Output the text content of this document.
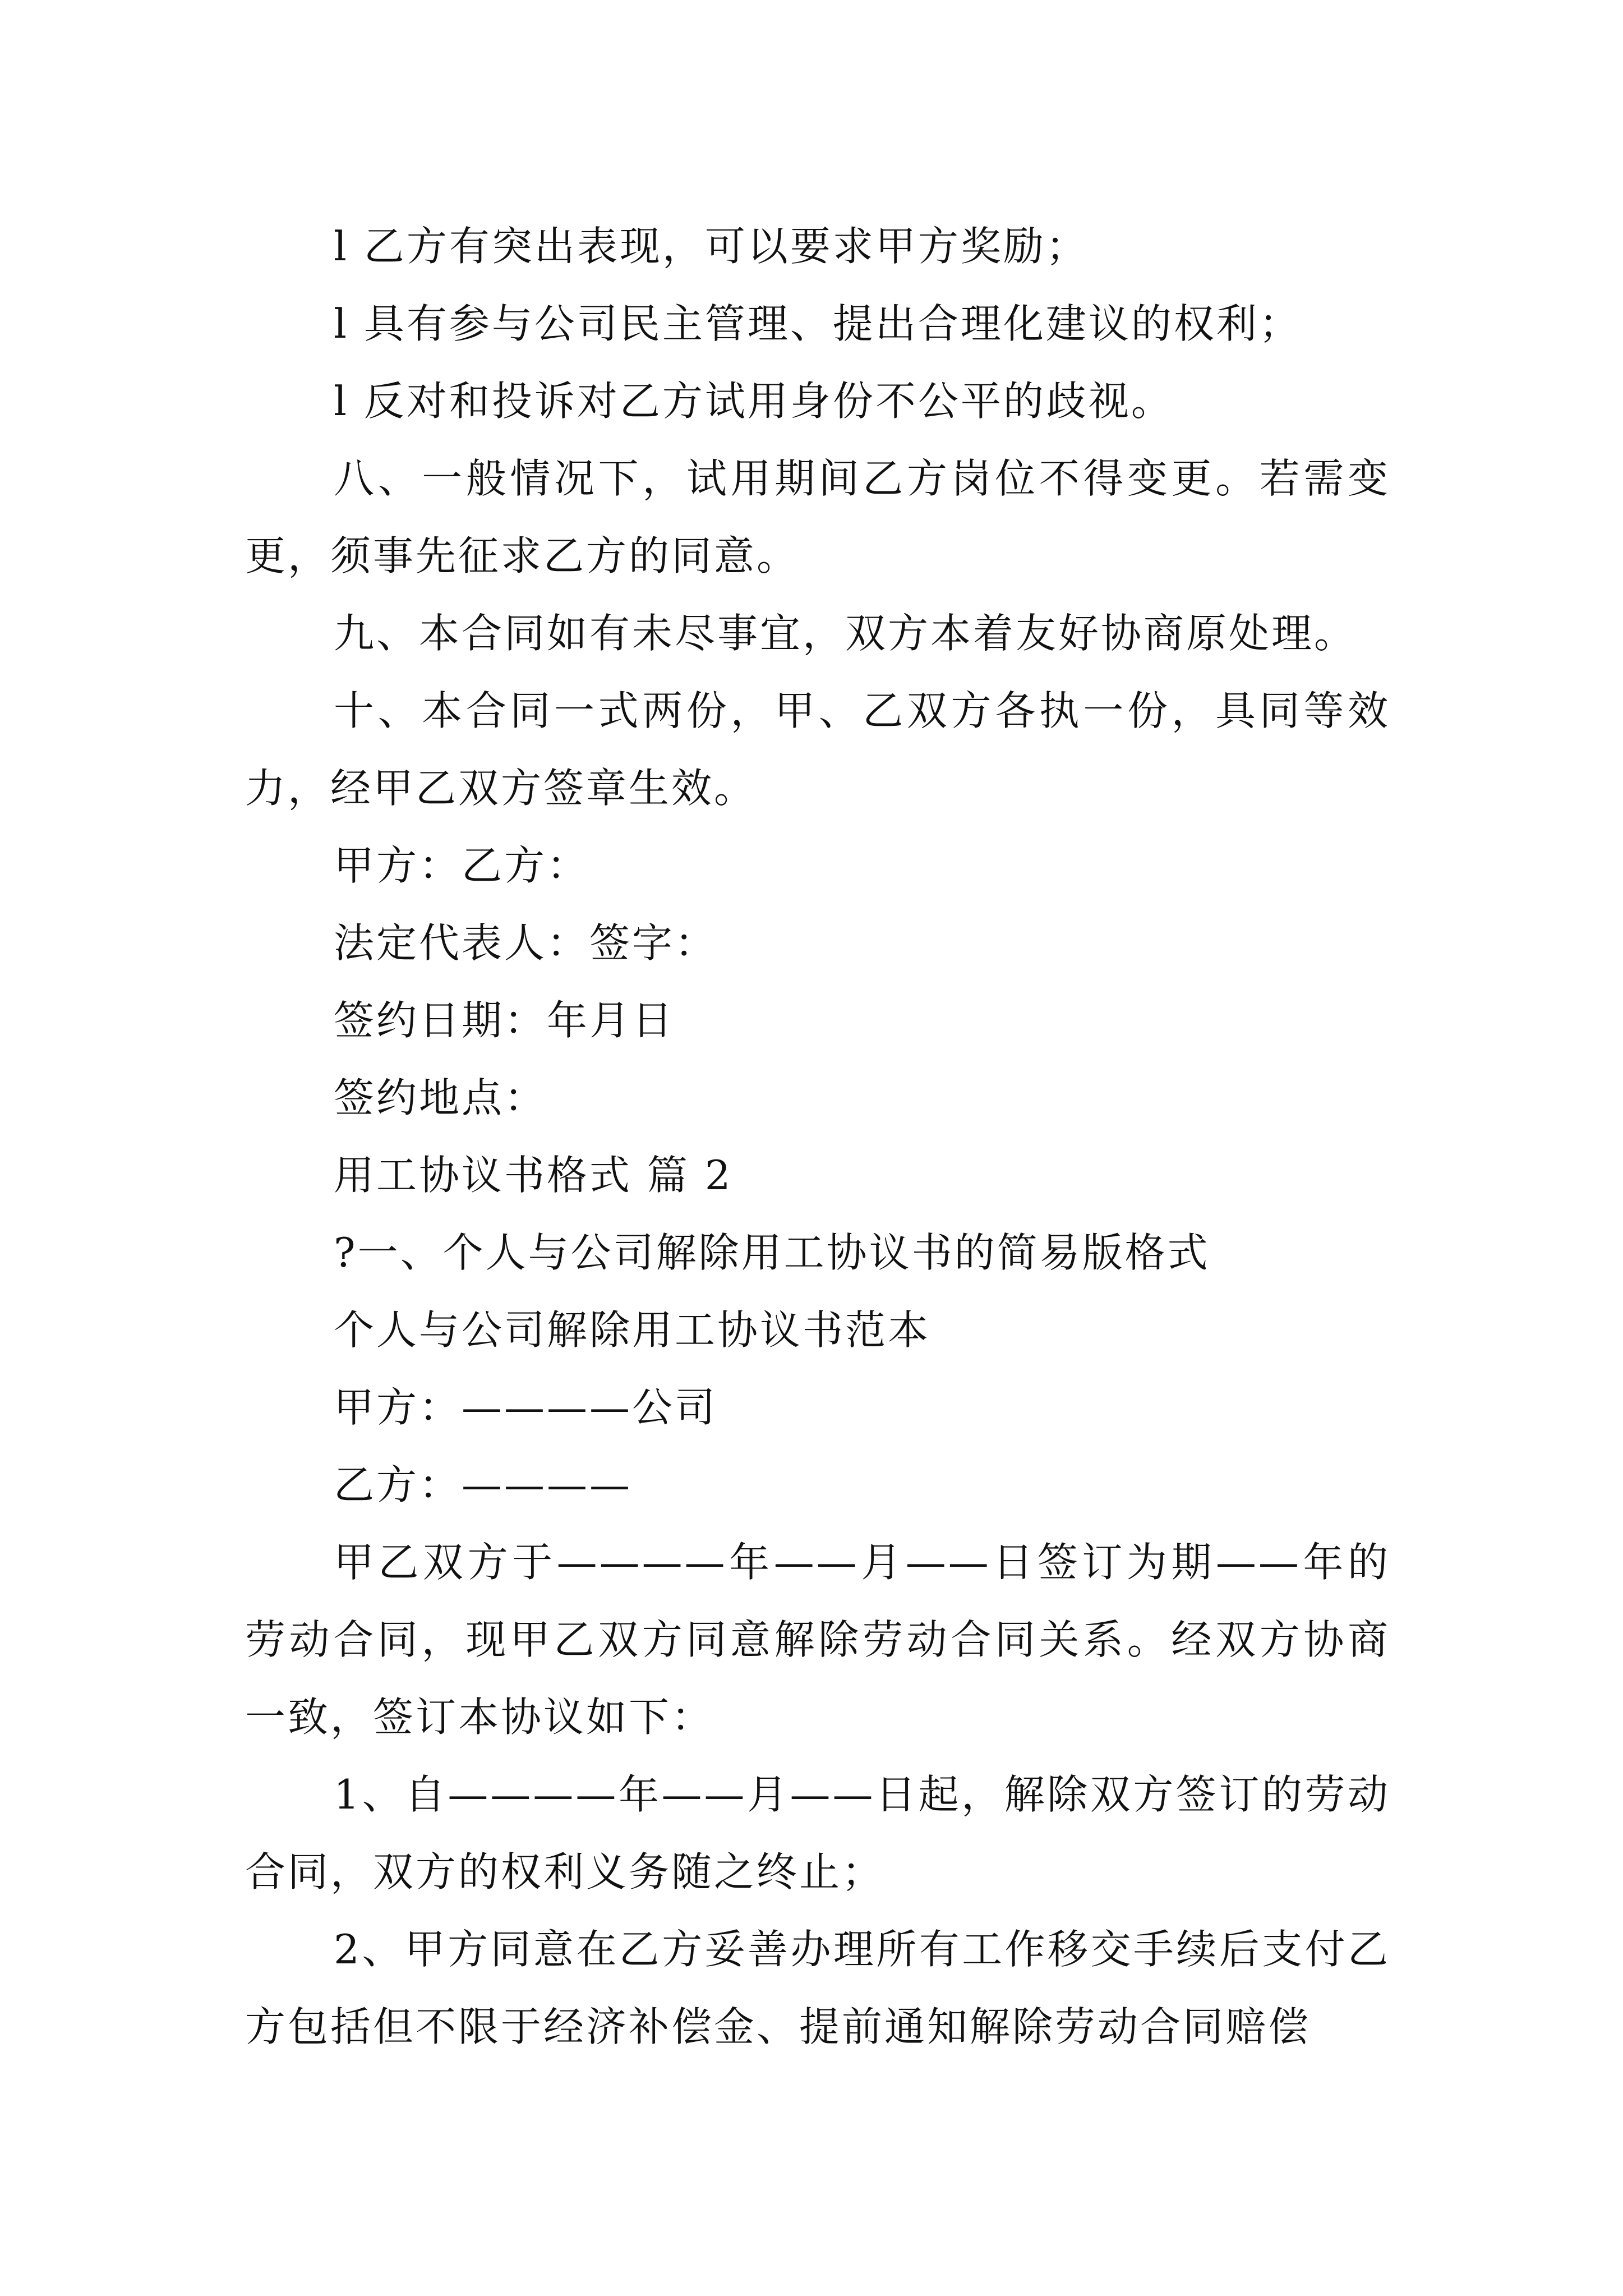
l 乙方有突出表现，可以要求甲方奖励；

l 具有参与公司民主管理、提出合理化建议的权利；

l 反对和投诉对乙方试用身份不公平的歧视。

八、一般情况下，试用期间乙方岗位不得变更。若需变更，须事先征求乙方的同意。

九、本合同如有未尽事宜，双方本着友好协商原处理。

十、本合同一式两份，甲、乙双方各执一份，具同等效力，经甲乙双方签章生效。

甲方：乙方：

法定代表人：签字：

签约日期：年月日

签约地点：

用工协议书格式 篇 2

?一、个人与公司解除用工协议书的简易版格式

个人与公司解除用工协议书范本

甲方：————公司

乙方：————

甲乙双方于————年——月——日签订为期——年的劳动合同，现甲乙双方同意解除劳动合同关系。经双方协商一致，签订本协议如下：

1、自————年——月——日起，解除双方签订的劳动合同，双方的权利义务随之终止；

2、甲方同意在乙方妥善办理所有工作移交手续后支付乙方包括但不限于经济补偿金、提前通知解除劳动合同赔偿
